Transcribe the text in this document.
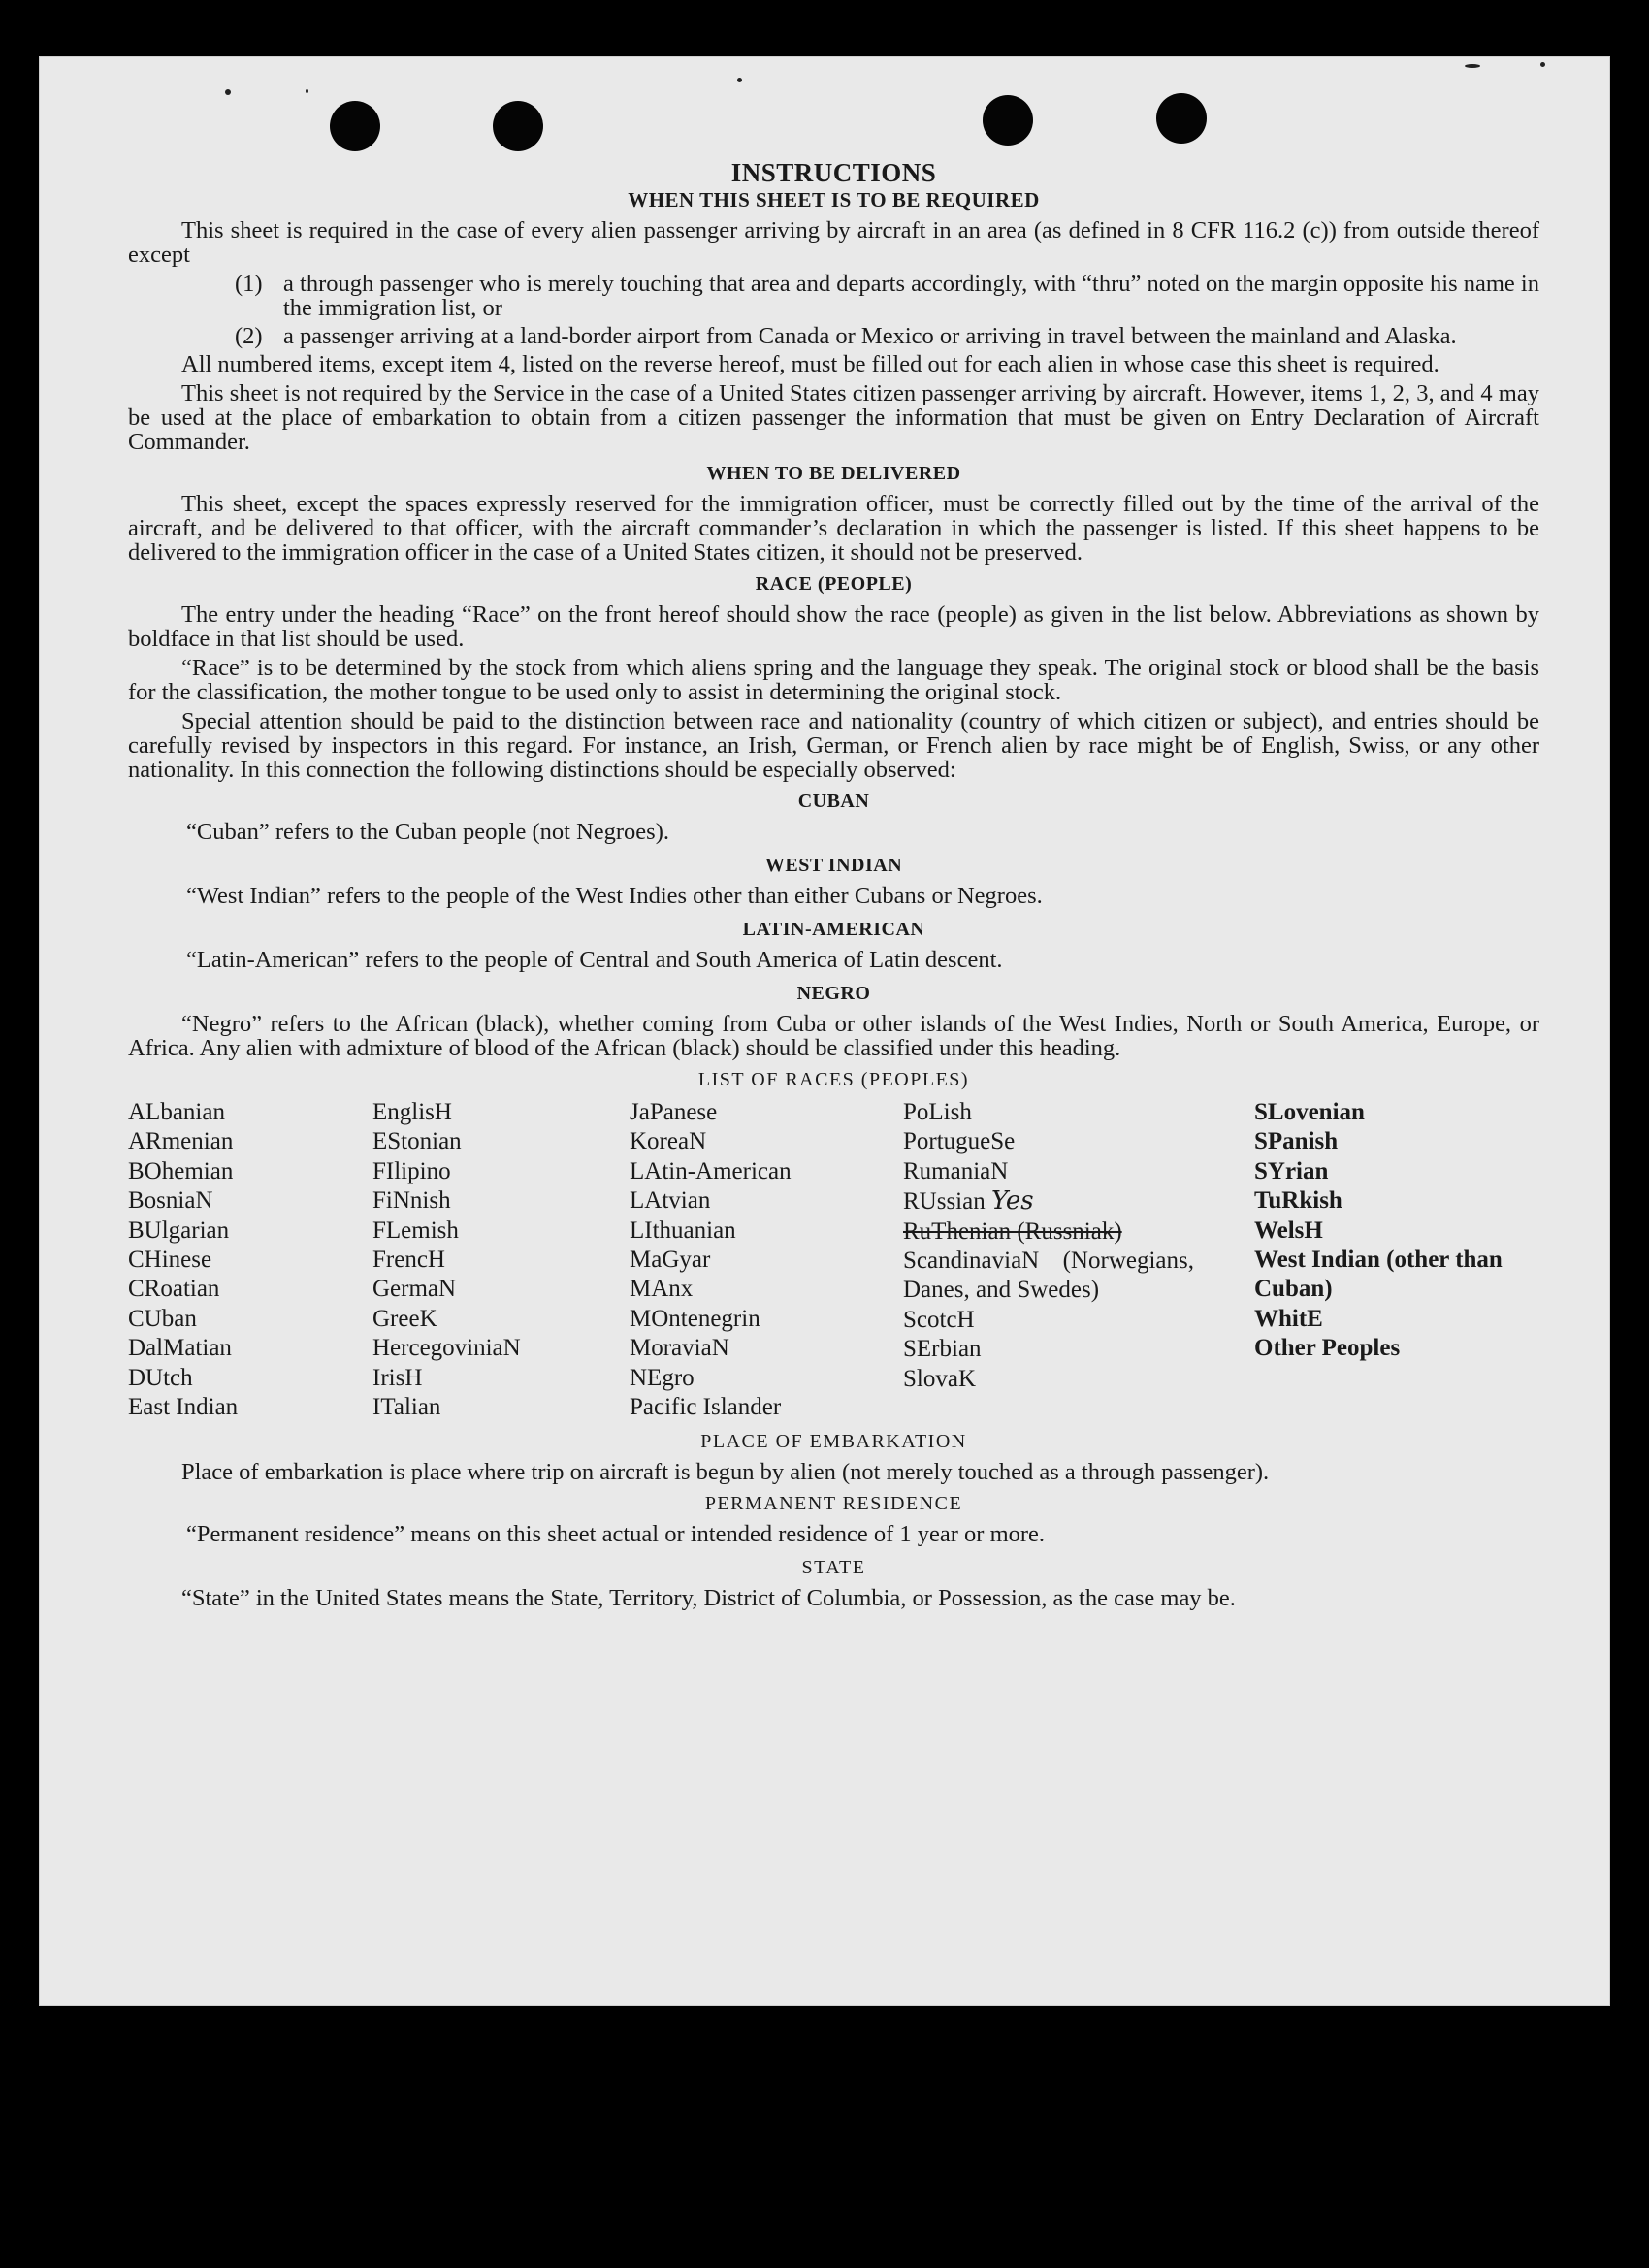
INSTRUCTIONS
WHEN THIS SHEET IS TO BE REQUIRED

This sheet is required in the case of every alien passenger arriving by aircraft in an area (as defined in 8 CFR 116.2 (c)) from outside thereof except

(1) a through passenger who is merely touching that area and departs accordingly, with “thru” noted on the margin opposite his name in the immigration list, or
(2) a passenger arriving at a land-border airport from Canada or Mexico or arriving in travel between the mainland and Alaska.

All numbered items, except item 4, listed on the reverse hereof, must be filled out for each alien in whose case this sheet is required.

This sheet is not required by the Service in the case of a United States citizen passenger arriving by aircraft. However, items 1, 2, 3, and 4 may be used at the place of embarkation to obtain from a citizen passenger the information that must be given on Entry Declaration of Aircraft Commander.

WHEN TO BE DELIVERED

This sheet, except the spaces expressly reserved for the immigration officer, must be correctly filled out by the time of the arrival of the aircraft, and be delivered to that officer, with the aircraft commander’s declaration in which the passenger is listed. If this sheet happens to be delivered to the immigration officer in the case of a United States citizen, it should not be preserved.

RACE (PEOPLE)

The entry under the heading “Race” on the front hereof should show the race (people) as given in the list below. Abbreviations as shown by boldface in that list should be used.

“Race” is to be determined by the stock from which aliens spring and the language they speak. The original stock or blood shall be the basis for the classification, the mother tongue to be used only to assist in determining the original stock.

Special attention should be paid to the distinction between race and nationality (country of which citizen or subject), and entries should be carefully revised by inspectors in this regard. For instance, an Irish, German, or French alien by race might be of English, Swiss, or any other nationality. In this connection the following distinctions should be especially observed:

CUBAN

“Cuban” refers to the Cuban people (not Negroes).

WEST INDIAN

“West Indian” refers to the people of the West Indies other than either Cubans or Negroes.

LATIN-AMERICAN

“Latin-American” refers to the people of Central and South America of Latin descent.

NEGRO

“Negro” refers to the African (black), whether coming from Cuba or other islands of the West Indies, North or South America, Europe, or Africa. Any alien with admixture of blood of the African (black) should be classified under this heading.

LIST OF RACES (PEOPLES)
ALbanian
ARmenian
BOhemian
BosniaN
BUlgarian
CHinese
CRoatian
CUban
DalMatian
DUtch
East Indian
EnglisH
EStonian
FIlipino
FiNnish
FLemish
FrencH
GermaN
GreeK
HercegoviniaN
IrisH
ITalian
JaPanese
KoreaN
LAtin-American
LAtvian
LIthuanian
MaGyar
MAnx
MOntenegrin
MoraviaN
NEgro
Pacific Islander
PoLish
PortugueSe
RumaniaN
RUssian Yes
RuThenian (Russniak)
ScandinaviaN (Norwegians, Danes, and Swedes)
ScotcH
SErbian
SlovaK
SLovenian
SPanish
SYrian
TuRkish
WelsH
West Indian (other than Cuban)
WhitE
Other Peoples
PLACE OF EMBARKATION

Place of embarkation is place where trip on aircraft is begun by alien (not merely touched as a through passenger).

PERMANENT RESIDENCE

“Permanent residence” means on this sheet actual or intended residence of 1 year or more.

STATE

“State” in the United States means the State, Territory, District of Columbia, or Possession, as the case may be.
